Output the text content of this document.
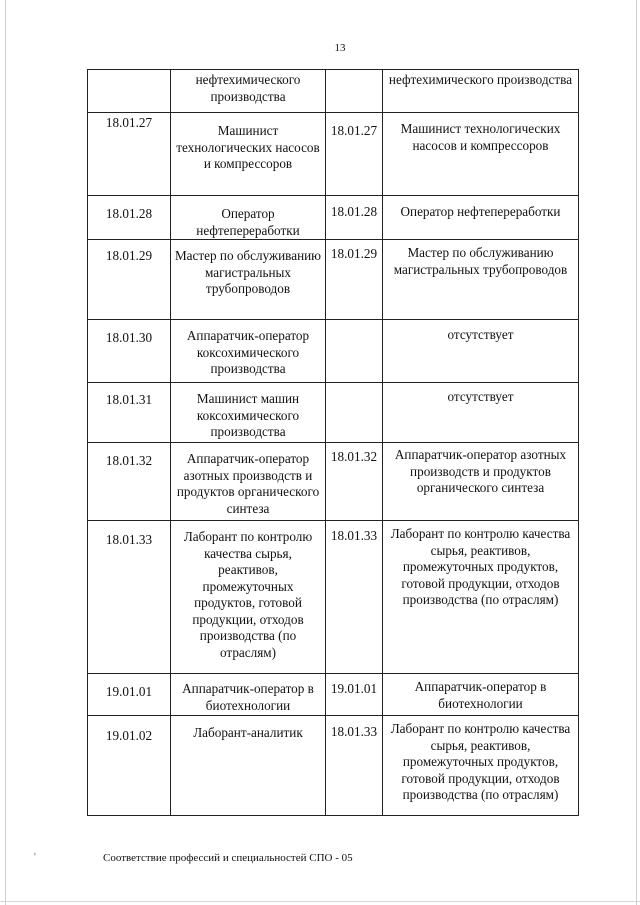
13
	нефтехимического производства		нефтехимического производства
18.01.27	Машинист технологических насосов и компрессоров	18.01.27	Машинист технологических насосов и компрессоров
18.01.28	Оператор нефтепереработки	18.01.28	Оператор нефтепереработки
18.01.29	Мастер по обслуживанию магистральных трубопроводов	18.01.29	Мастер по обслуживанию магистральных трубопроводов
18.01.30	Аппаратчик-оператор коксохимического производства		отсутствует
18.01.31	Машинист машин коксохимического производства		отсутствует
18.01.32	Аппаратчик-оператор азотных производств и продуктов органического синтеза	18.01.32	Аппаратчик-оператор азотных производств и продуктов органического синтеза
18.01.33	Лаборант по контролю качества сырья, реактивов, промежуточных продуктов, готовой продукции, отходов производства (по отраслям)	18.01.33	Лаборант по контролю качества сырья, реактивов, промежуточных продуктов, готовой продукции, отходов производства (по отраслям)
19.01.01	Аппаратчик-оператор в биотехнологии	19.01.01	Аппаратчик-оператор в биотехнологии
19.01.02	Лаборант-аналитик	18.01.33	Лаборант по контролю качества сырья, реактивов, промежуточных продуктов, готовой продукции, отходов производства (по отраслям)
'	Соответствие профессий и специальностей СПО - 05
